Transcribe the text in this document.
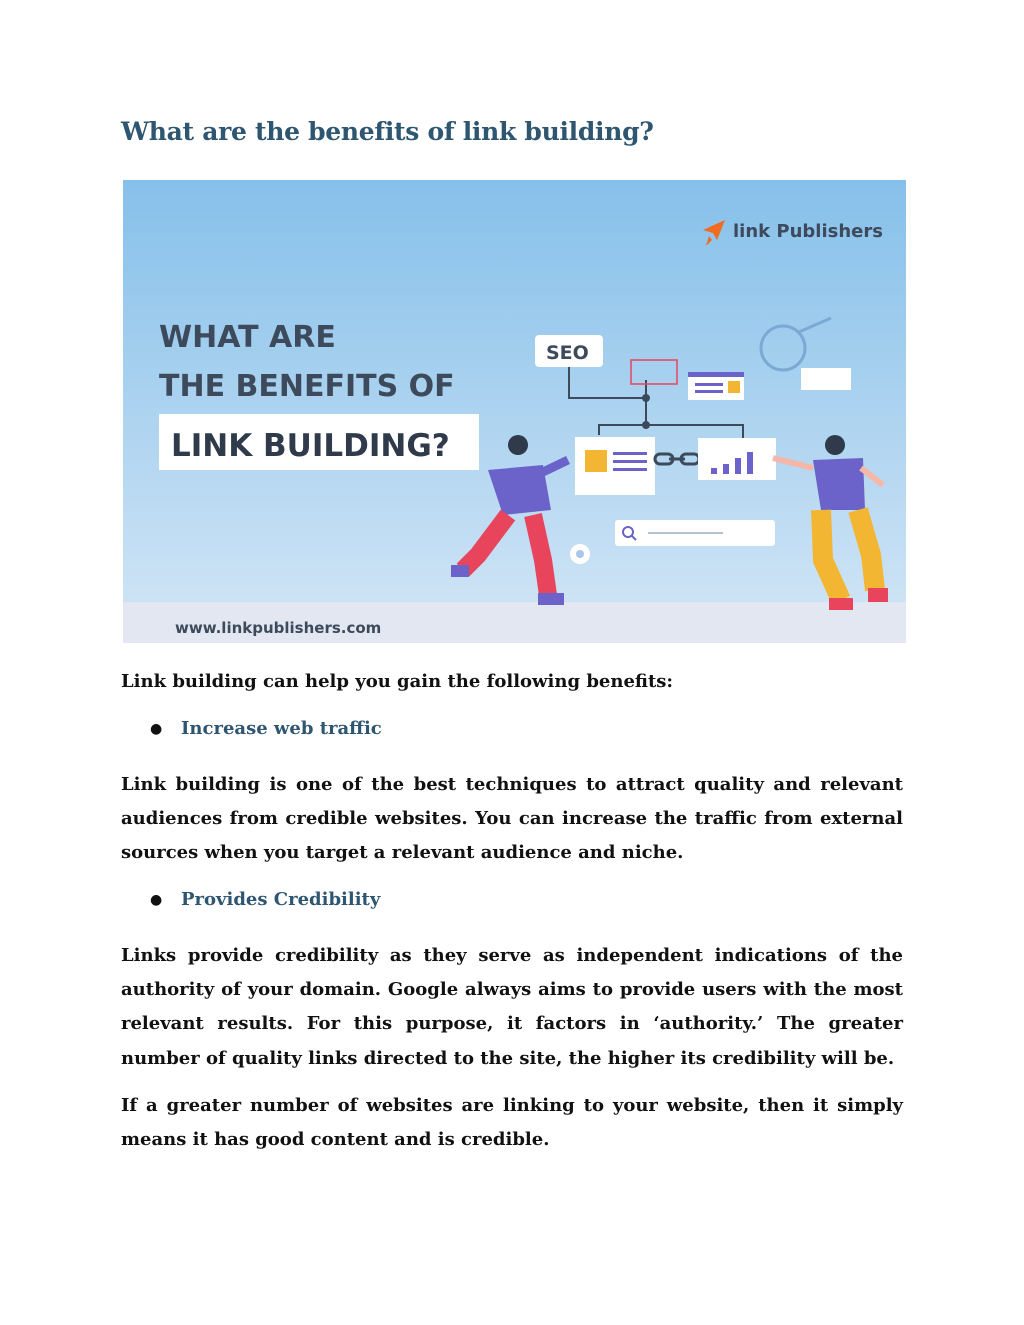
What are the benefits of link building?
link Publishers
WHAT ARE
THE BENEFITS OF
LINK BUILDING?
SEO
www.linkpublishers.com

Link building can help you gain the following benefits:

●	Increase web traffic

Link building is one of the best techniques to attract quality and relevant audiences from credible websites. You can increase the traffic from external sources when you target a relevant audience and niche.

●	Provides Credibility

Links provide credibility as they serve as independent indications of the authority of your domain. Google always aims to provide users with the most relevant results. For this purpose, it factors in ‘authority.’ The greater number of quality links directed to the site, the higher its credibility will be.

If a greater number of websites are linking to your website, then it simply means it has good content and is credible.
